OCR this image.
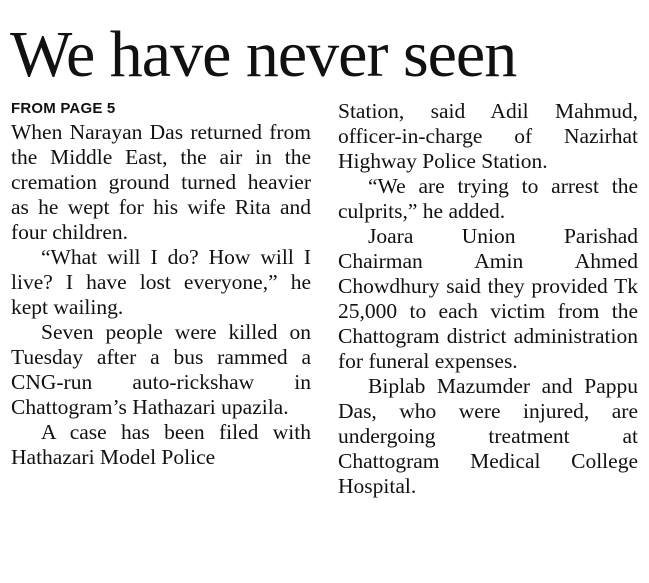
We have never seen
FROM PAGE 5

When Narayan Das returned from the Middle East, the air in the cremation ground turned heavier as he wept for his wife Rita and four children.

“What will I do? How will I live? I have lost everyone,” he kept wailing.

Seven people were killed on Tuesday after a bus rammed a CNG-run auto-rickshaw in Chattogram’s Hathazari upazila.

A case has been filed with Hathazari Model Police

Station, said Adil Mahmud, officer-in-charge of Nazirhat Highway Police Station.

“We are trying to arrest the culprits,” he added.

Joara Union Parishad Chairman Amin Ahmed Chowdhury said they provided Tk 25,000 to each victim from the Chattogram district administration for funeral expenses.

Biplab Mazumder and Pappu Das, who were injured, are undergoing treatment at Chattogram Medical College Hospital.
